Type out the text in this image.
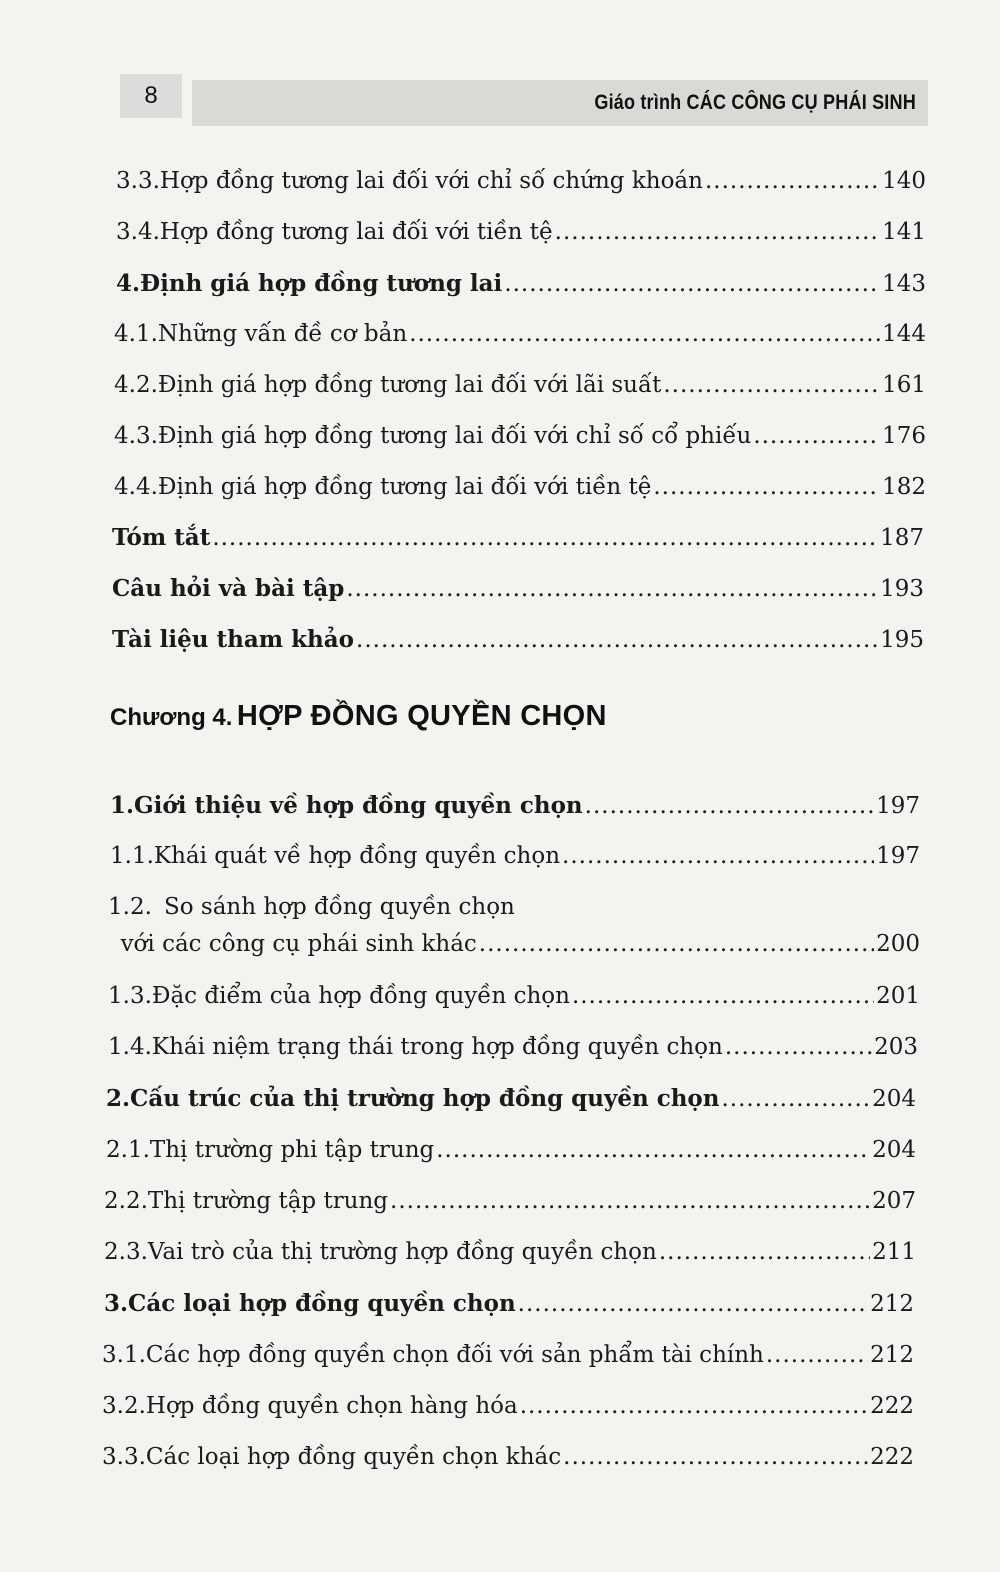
8	Giáo trình CÁC CÔNG CỤ PHÁI SINH
3.3. Hợp đồng tương lai đối với chỉ số chứng khoán .....	140
3.4. Hợp đồng tương lai đối với tiền tệ .....	141
4. Định giá hợp đồng tương lai .....	143
4.1. Những vấn đề cơ bản .....	144
4.2. Định giá hợp đồng tương lai đối với lãi suất .....	161
4.3. Định giá hợp đồng tương lai đối với chỉ số cổ phiếu .....	176
4.4. Định giá hợp đồng tương lai đối với tiền tệ .....	182
Tóm tắt .....	187
Câu hỏi và bài tập .....	193
Tài liệu tham khảo .....	195
Chương 4. HỢP ĐỒNG QUYỀN CHỌN
1. Giới thiệu về hợp đồng quyền chọn .....	197
1.1. Khái quát về hợp đồng quyền chọn .....	197
1.2. So sánh hợp đồng quyền chọn
với các công cụ phái sinh khác .....	200
1.3. Đặc điểm của hợp đồng quyền chọn .....	201
1.4. Khái niệm trạng thái trong hợp đồng quyền chọn .....	203
2. Cấu trúc của thị trường hợp đồng quyền chọn .....	204
2.1. Thị trường phi tập trung .....	204
2.2. Thị trường tập trung .....	207
2.3. Vai trò của thị trường hợp đồng quyền chọn .....	211
3. Các loại hợp đồng quyền chọn .....	212
3.1. Các hợp đồng quyền chọn đối với sản phẩm tài chính .....	212
3.2. Hợp đồng quyền chọn hàng hóa .....	222
3.3. Các loại hợp đồng quyền chọn khác .....	222
